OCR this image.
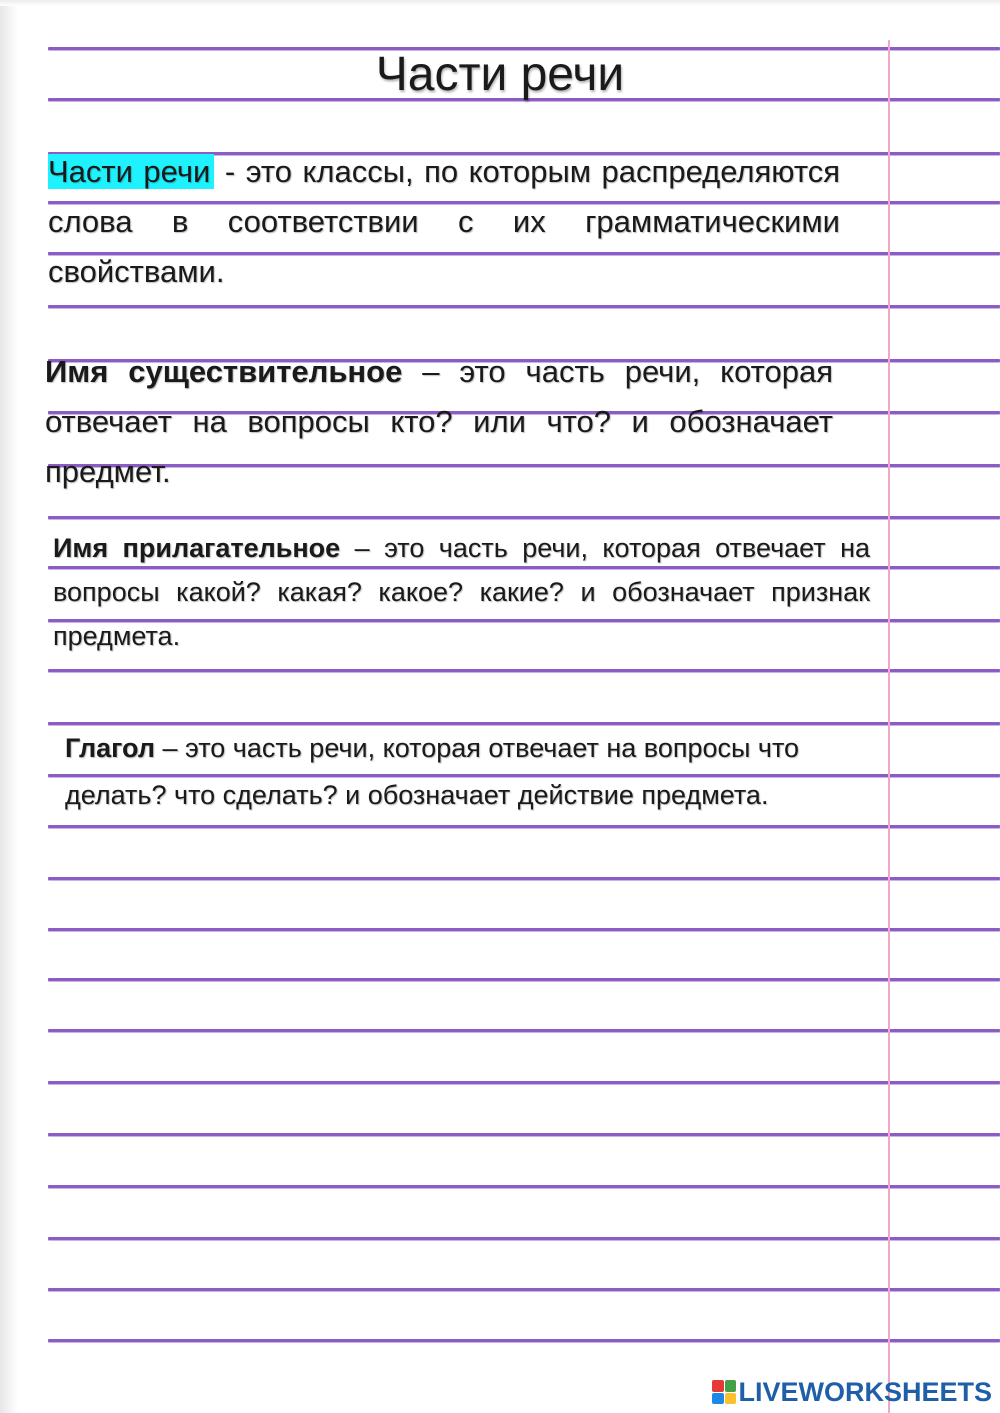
Части речи
Части речи - это классы, по которым распределяются слова в соответствии с их грамматическими свойствами.
Имя существительное – это часть речи, которая отвечает на вопросы кто? или что? и обозначает предмет.
Имя прилагательное – это часть речи, которая отвечает на вопросы какой? какая? какое? какие? и обозначает признак предмета.
Глагол – это часть речи, которая отвечает на вопросы что делать? что сделать? и обозначает действие предмета.
LIVEWORKSHEETS
